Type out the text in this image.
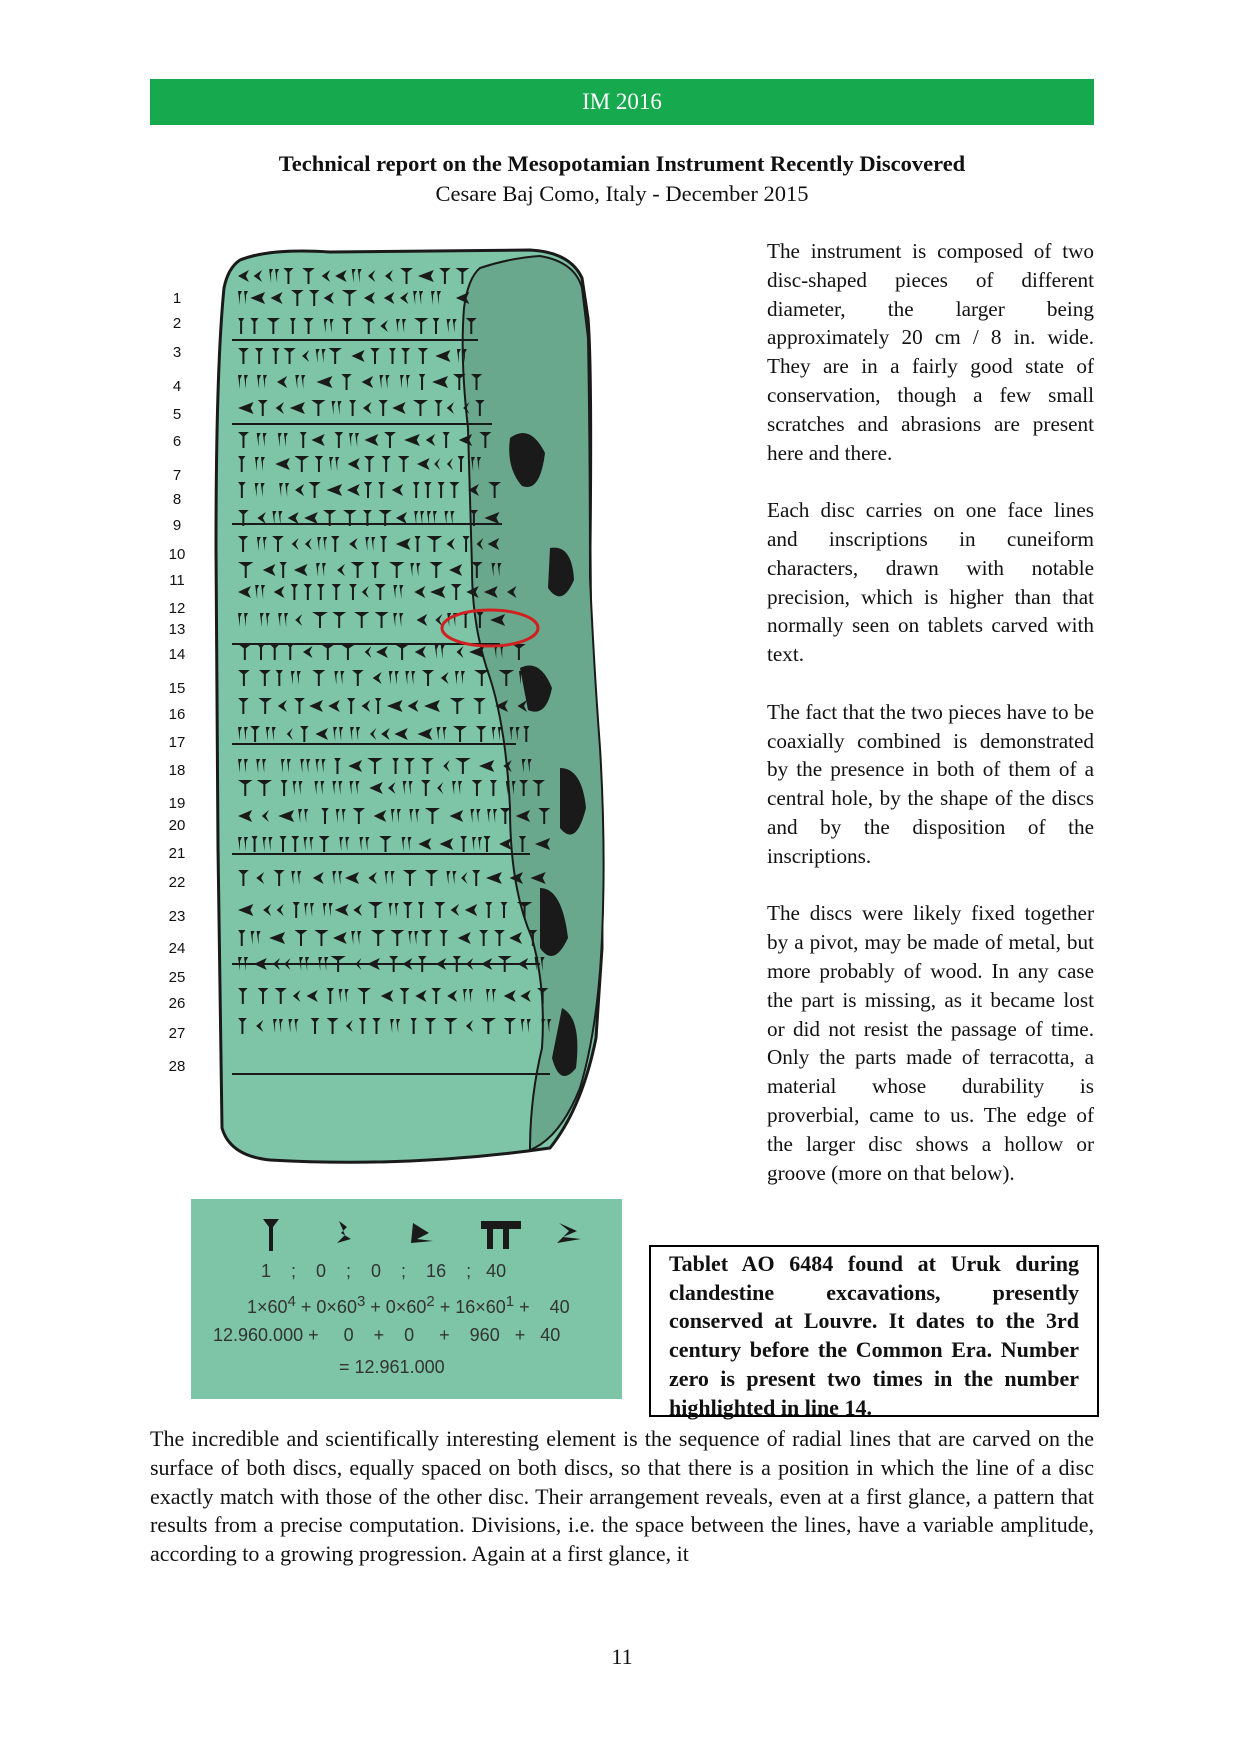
IM 2016
Technical report on the Mesopotamian Instrument Recently Discovered
Cesare Baj Como, Italy - December 2015

The instrument is composed of two disc-shaped pieces of different diameter, the larger being approximately 20 cm / 8 in. wide. They are in a fairly good state of conservation, though a few small scratches and abrasions are present here and there.

Each disc carries on one face lines and inscriptions in cuneiform characters, drawn with notable precision, which is higher than that normally seen on tablets carved with text.

The fact that the two pieces have to be coaxially combined is demonstrated by the presence in both of them of a central hole, by the shape of the discs and by the disposition of the inscriptions.

The discs were likely fixed together by a pivot, may be made of metal, but more probably of wood. In any case the part is missing, as it became lost or did not resist the passage of time. Only the parts made of terracotta, a material whose durability is proverbial, came to us. The edge of the larger disc shows a hollow or groove (more on that below).

1
2
3
4
5
6
7
8
9
10
11
12
13
14
15
16
17
18
19
20
21
22
23
24
25
26
27
28
1    ;    0    ;    0    ;    16    ;   40
$1\times 60^4 + 0\times 60^3 + 0\times 60^2 + 16\times 60^1$ +    40
12.960.000 +     0    +    0     +    960   +   40
= 12.961.000
Tablet AO 6484 found at Uruk during clandestine excavations, presently conserved at Louvre. It dates to the 3rd century before the Common Era. Number zero is present two times in the number highlighted in line 14.

The incredible and scientifically interesting element is the sequence of radial lines that are carved on the surface of both discs, equally spaced on both discs, so that there is a position in which the line of a disc exactly match with those of the other disc. Their arrangement reveals, even at a first glance, a pattern that results from a precise computation. Divisions, i.e. the space between the lines, have a variable amplitude, according to a growing progression. Again at a first glance, it

11
